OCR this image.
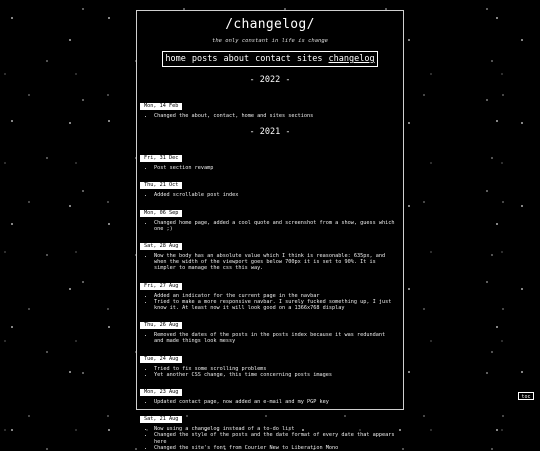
/changelog/
the only constant in life is change
home posts about contact sites changelog
- 2022 -
Mon, 14 Feb
• Changed the about, contact, home and sites sections
- 2021 -
Fri, 31 Dec
• Post section revamp
Thu, 21 Oct
• Added scrollable post index
Mon, 06 Sep
• Changed home page, added a cool quote and screenshot from a show, guess which one ;)
Sat, 28 Aug
• Now the body has an absolute value which I think is reasonable: 635px, and when the width of the viewport goes below 700px it is set to 90%. It is simpler to manage the css this way.
Fri, 27 Aug
• Added an indicator for the current page in the navbar
• Tried to make a more responsive navbar. I surely fucked something up, I just know it. At least now it will look good on a 1366x768 display
Thu, 26 Aug
• Removed the dates of the posts in the posts index because it was redundant and made things look messy
Tue, 24 Aug
• Tried to fix some scrolling problems
• Yet another CSS change, this time concerning posts images
Mon, 23 Aug
• Updated contact page, now added an e-mail and my PGP key
Sat, 21 Aug
• Now using a changelog instead of a to-do list
• Changed the style of the posts and the date format of every date that appears here
• Changed the site's font from Courier New to Liberation Mono
toc
